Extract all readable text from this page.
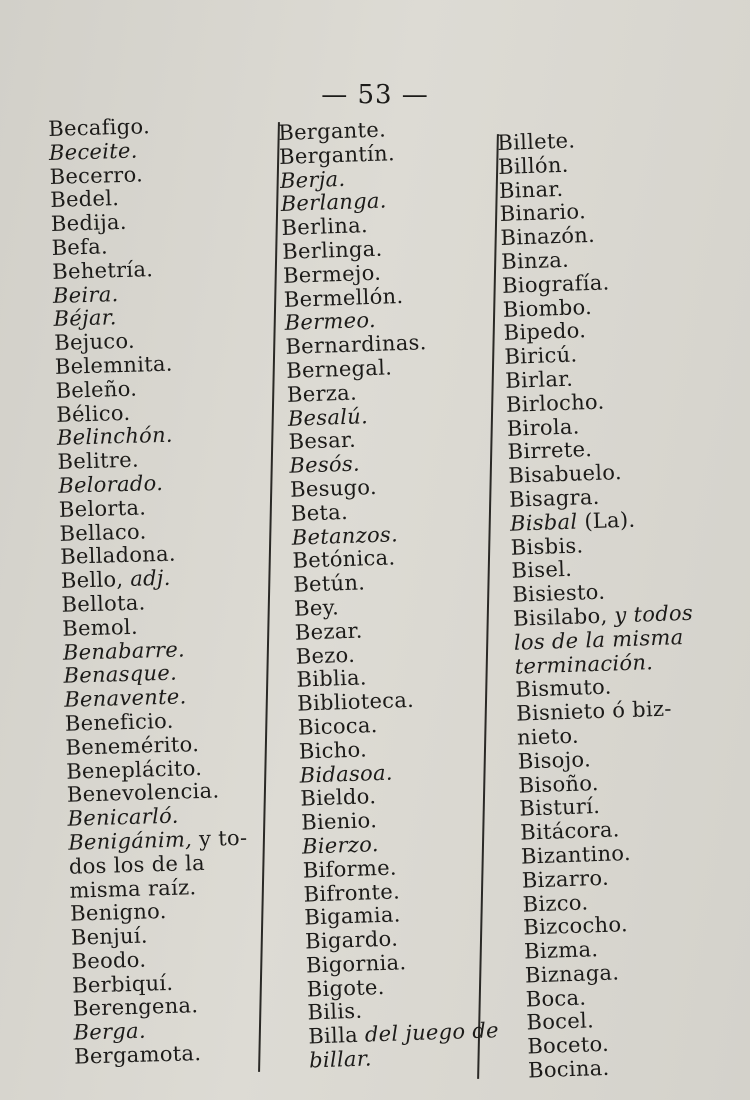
— 53 —
Becafigo.
Beceite.
Becerro.
Bedel.
Bedija.
Befa.
Behetría.
Beira.
Béjar.
Bejuco.
Belemnita.
Beleño.
Bélico.
Belinchón.
Belitre.
Belorado.
Belorta.
Bellaco.
Belladona.
Bello, adj.
Bellota.
Bemol.
Benabarre.
Benasque.
Benavente.
Beneficio.
Benemérito.
Beneplácito.
Benevolencia.
Benicarló.
Benigánim, y to-
dos los de la
misma raíz.
Benigno.
Benjuí.
Beodo.
Berbiquí.
Berengena.
Berga.
Bergamota.
Bergante.
Bergantín.
Berja.
Berlanga.
Berlina.
Berlinga.
Bermejo.
Bermellón.
Bermeo.
Bernardinas.
Bernegal.
Berza.
Besalú.
Besar.
Besós.
Besugo.
Beta.
Betanzos.
Betónica.
Betún.
Bey.
Bezar.
Bezo.
Biblia.
Biblioteca.
Bicoca.
Bicho.
Bidasoa.
Bieldo.
Bienio.
Bierzo.
Biforme.
Bifronte.
Bigamia.
Bigardo.
Bigornia.
Bigote.
Bilis.
Billa del juego de
billar.
Billete.
Billón.
Binar.
Binario.
Binazón.
Binza.
Biografía.
Biombo.
Bipedo.
Biricú.
Birlar.
Birlocho.
Birola.
Birrete.
Bisabuelo.
Bisagra.
Bisbal (La).
Bisbis.
Bisel.
Bisiesto.
Bisilabo, y todos
los de la misma
terminación.
Bismuto.
Bisnieto ó biz-
nieto.
Bisojo.
Bisoño.
Bisturí.
Bitácora.
Bizantino.
Bizarro.
Bizco.
Bizcocho.
Bizma.
Biznaga.
Boca.
Bocel.
Boceto.
Bocina.
